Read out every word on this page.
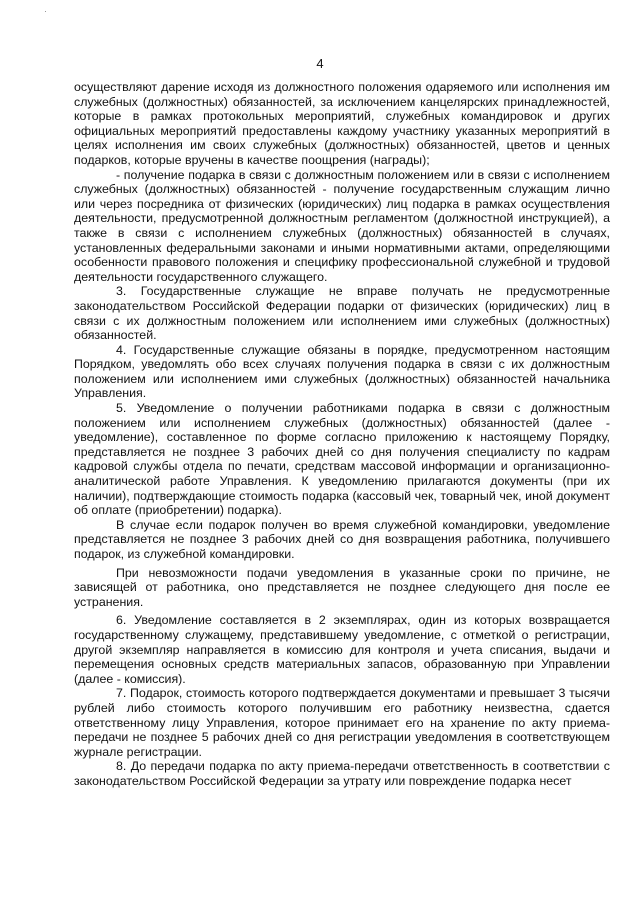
·
4

осуществляют дарение исходя из должностного положения одаряемого или исполнения им служебных (должностных) обязанностей, за исключением канцелярских принадлежностей, которые в рамках протокольных мероприятий, служебных командировок и других официальных мероприятий предоставлены каждому участнику указанных мероприятий в целях исполнения им своих служебных (должностных) обязанностей, цветов и ценных подарков, которые вручены в качестве поощрения (награды);

- получение подарка в связи с должностным положением или в связи с исполнением служебных (должностных) обязанностей - получение государственным служащим лично или через посредника от физических (юридических) лиц подарка в рамках осуществления деятельности, предусмотренной должностным регламентом (должностной инструкцией), а также в связи с исполнением служебных (должностных) обязанностей в случаях, установленных федеральными законами и иными нормативными актами, определяющими особенности правового положения и специфику профессиональной служебной и трудовой деятельности государственного служащего.

3. Государственные служащие не вправе получать не предусмотренные законодательством Российской Федерации подарки от физических (юридических) лиц в связи с их должностным положением или исполнением ими служебных (должностных) обязанностей.

4. Государственные служащие обязаны в порядке, предусмотренном настоящим Порядком, уведомлять обо всех случаях получения подарка в связи с их должностным положением или исполнением ими служебных (должностных) обязанностей начальника Управления.

5. Уведомление о получении работниками подарка в связи с должностным положением или исполнением служебных (должностных) обязанностей (далее - уведомление), составленное по форме согласно приложению к настоящему Порядку, представляется не позднее 3 рабочих дней со дня получения специалисту по кадрам кадровой службы отдела по печати, средствам массовой информации и организационно-аналитической работе Управления. К уведомлению прилагаются документы (при их наличии), подтверждающие стоимость подарка (кассовый чек, товарный чек, иной документ об оплате (приобретении) подарка).

В случае если подарок получен во время служебной командировки, уведомление представляется не позднее 3 рабочих дней со дня возвращения работника, получившего подарок, из служебной командировки.

При невозможности подачи уведомления в указанные сроки по причине, не зависящей от работника, оно представляется не позднее следующего дня после ее устранения.

6. Уведомление составляется в 2 экземплярах, один из которых возвращается государственному служащему, представившему уведомление, с отметкой о регистрации, другой экземпляр направляется в комиссию для контроля и учета списания, выдачи и перемещения основных средств материальных запасов, образованную при Управлении (далее - комиссия).

7. Подарок, стоимость которого подтверждается документами и превышает 3 тысячи рублей либо стоимость которого получившим его работнику неизвестна, сдается ответственному лицу Управления, которое принимает его на хранение по акту приема-передачи не позднее 5 рабочих дней со дня регистрации уведомления в соответствующем журнале регистрации.

8. До передачи подарка по акту приема-передачи ответственность в соответствии с законодательством Российской Федерации за утрату или повреждение подарка несет
